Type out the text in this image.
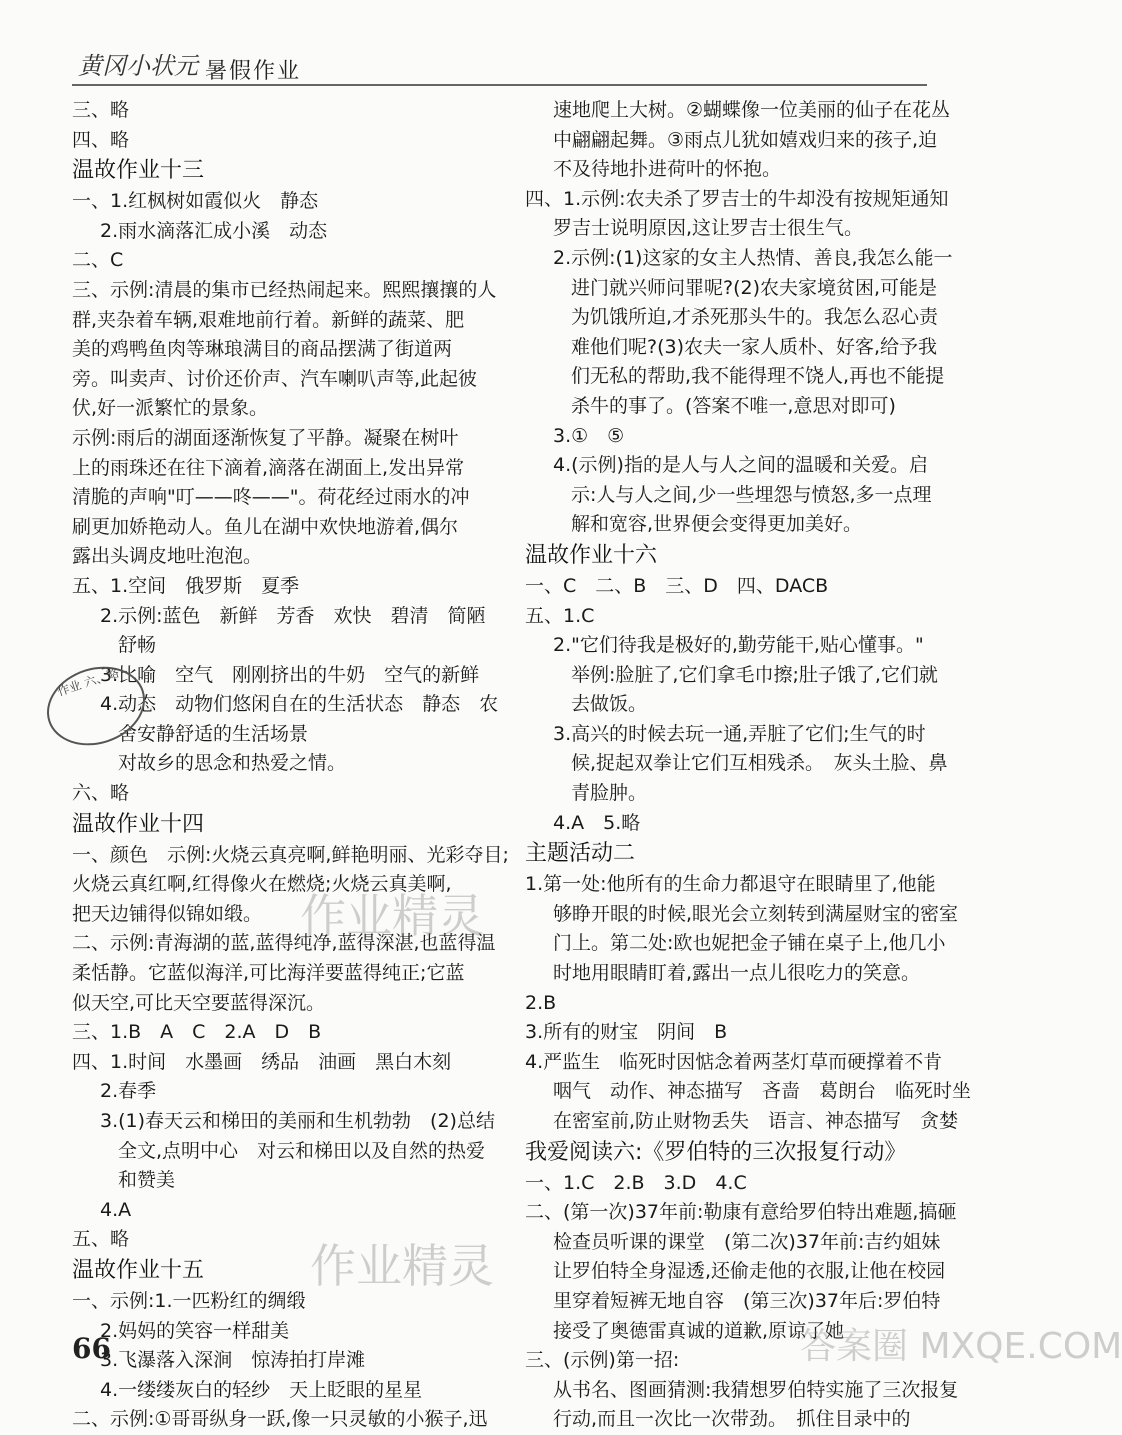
黄冈小状元 暑假作业
三、略
四、略
温故作业十三
一、1.红枫树如霞似火　静态
2.雨水滴落汇成小溪　动态
二、C
三、示例:清晨的集市已经热闹起来。熙熙攘攘的人
群,夹杂着车辆,艰难地前行着。新鲜的蔬菜、肥
美的鸡鸭鱼肉等琳琅满目的商品摆满了街道两
旁。叫卖声、讨价还价声、汽车喇叭声等,此起彼
伏,好一派繁忙的景象。
示例:雨后的湖面逐渐恢复了平静。凝聚在树叶
上的雨珠还在往下滴着,滴落在湖面上,发出异常
清脆的声响"叮——咚——"。荷花经过雨水的冲
刷更加娇艳动人。鱼儿在湖中欢快地游着,偶尔
露出头调皮地吐泡泡。
五、1.空间　俄罗斯　夏季
2.示例:蓝色　新鲜　芳香　欢快　碧清　简陋
舒畅
3.比喻　空气　刚刚挤出的牛奶　空气的新鲜
4.动态　动物们悠闲自在的生活状态　静态　农
舍安静舒适的生活场景
对故乡的思念和热爱之情。
六、略
温故作业十四
一、颜色　示例:火烧云真亮啊,鲜艳明丽、光彩夺目;
火烧云真红啊,红得像火在燃烧;火烧云真美啊,
把天边铺得似锦如缎。
二、示例:青海湖的蓝,蓝得纯净,蓝得深湛,也蓝得温
柔恬静。它蓝似海洋,可比海洋要蓝得纯正;它蓝
似天空,可比天空要蓝得深沉。
三、1.B　A　C　2.A　D　B
四、1.时间　水墨画　绣品　油画　黑白木刻
2.春季
3.(1)春天云和梯田的美丽和生机勃勃　(2)总结
全文,点明中心　对云和梯田以及自然的热爱
和赞美
4.A
五、略
温故作业十五
一、示例:1.一匹粉红的绸缎
2.妈妈的笑容一样甜美
3.飞瀑落入深涧　惊涛拍打岸滩
4.一缕缕灰白的轻纱　天上眨眼的星星
二、示例:①哥哥纵身一跃,像一只灵敏的小猴子,迅
速地爬上大树。②蝴蝶像一位美丽的仙子在花丛
中翩翩起舞。③雨点儿犹如嬉戏归来的孩子,迫
不及待地扑进荷叶的怀抱。
四、1.示例:农夫杀了罗吉士的牛却没有按规矩通知
罗吉士说明原因,这让罗吉士很生气。
2.示例:(1)这家的女主人热情、善良,我怎么能一
进门就兴师问罪呢?(2)农夫家境贫困,可能是
为饥饿所迫,才杀死那头牛的。我怎么忍心责
难他们呢?(3)农夫一家人质朴、好客,给予我
们无私的帮助,我不能得理不饶人,再也不能提
杀牛的事了。(答案不唯一,意思对即可)
3.①　⑤
4.(示例)指的是人与人之间的温暖和关爱。启
示:人与人之间,少一些埋怨与愤怒,多一点理
解和宽容,世界便会变得更加美好。
温故作业十六
一、C　二、B　三、D　四、DACB
五、1.C
2."它们待我是极好的,勤劳能干,贴心懂事。"
举例:脸脏了,它们拿毛巾擦;肚子饿了,它们就
去做饭。
3.高兴的时候去玩一通,弄脏了它们;生气的时
候,捉起双拳让它们互相残杀。　灰头土脸、鼻
青脸肿。
4.A　5.略
主题活动二
1.第一处:他所有的生命力都退守在眼睛里了,他能
够睁开眼的时候,眼光会立刻转到满屋财宝的密室
门上。第二处:欧也妮把金子铺在桌子上,他几小
时地用眼睛盯着,露出一点儿很吃力的笑意。
2.B
3.所有的财宝　阴间　B
4.严监生　临死时因惦念着两茎灯草而硬撑着不肯
咽气　动作、神态描写　吝啬　葛朗台　临死时坐
在密室前,防止财物丢失　语言、神态描写　贪婪
我爱阅读六:《罗伯特的三次报复行动》
一、1.C　2.B　3.D　4.C
二、(第一次)37年前:勒康有意给罗伯特出难题,搞砸
检查员听课的课堂　(第二次)37年前:吉约姐妹
让罗伯特全身湿透,还偷走他的衣服,让他在校园
里穿着短裤无地自容　(第三次)37年后:罗伯特
接受了奥德雷真诚的道歉,原谅了她
三、(示例)第一招:
从书名、图画猜测:我猜想罗伯特实施了三次报复
行动,而且一次比一次带劲。　抓住目录中的
作业 六、略
作业精灵
作业精灵
答案圈 MXQE.COM
66
